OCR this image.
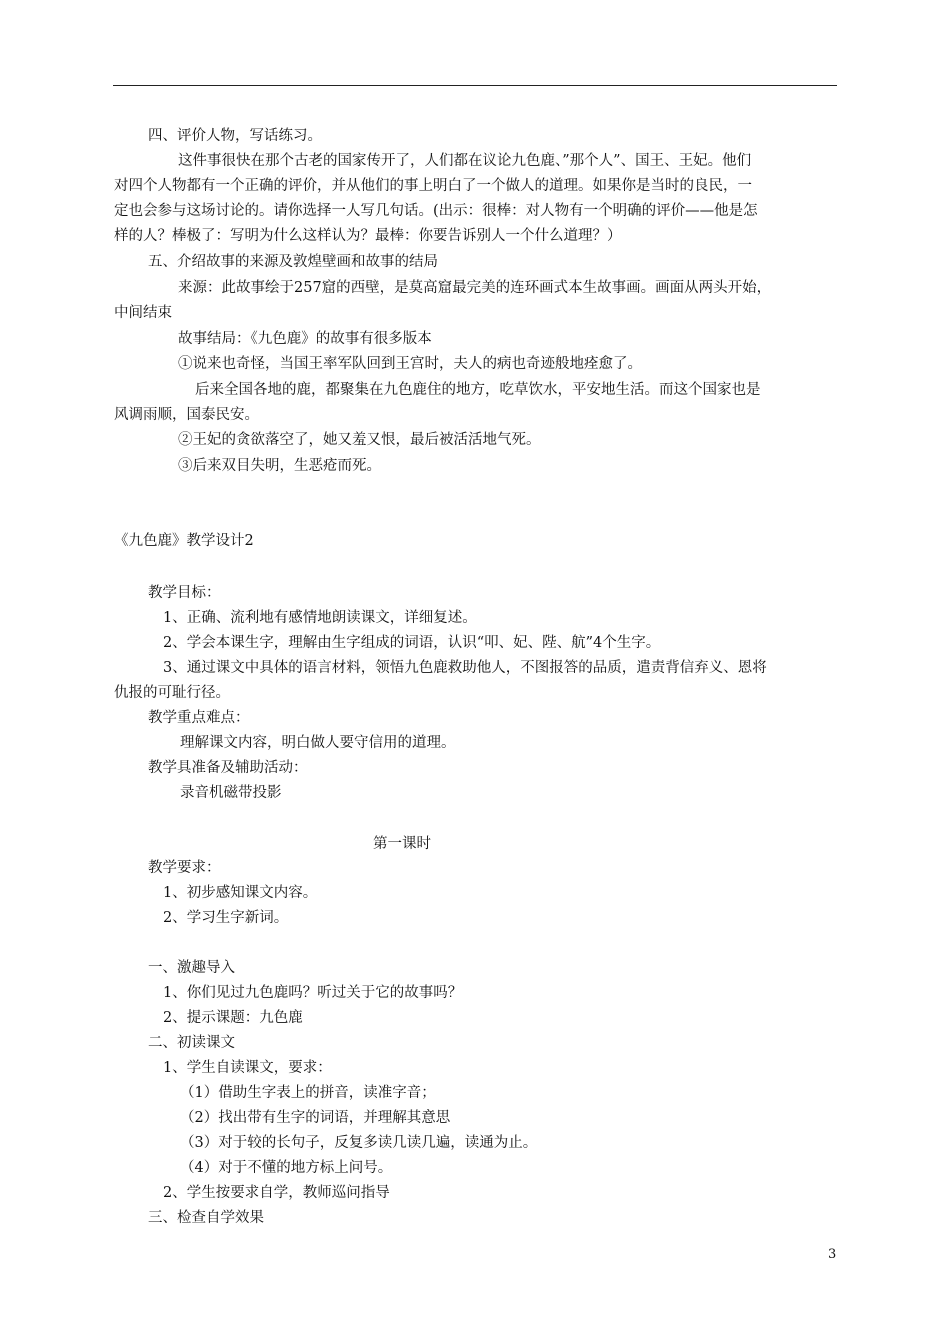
四、评价人物，写话练习。
这件事很快在那个古老的国家传开了，人们都在议论九色鹿、”那个人”、国王、王妃。他们
对四个人物都有一个正确的评价，并从他们的事上明白了一个做人的道理。如果你是当时的良民，一
定也会参与这场讨论的。请你选择一人写几句话。(出示：很棒：对人物有一个明确的评价——他是怎
样的人？棒极了：写明为什么这样认为？最棒：你要告诉别人一个什么道理？）
五、介绍故事的来源及敦煌壁画和故事的结局
来源：此故事绘于257窟的西壁，是莫高窟最完美的连环画式本生故事画。画面从两头开始，
中间结束
故事结局：《九色鹿》的故事有很多版本
①说来也奇怪，当国王率军队回到王宫时，夫人的病也奇迹般地痊愈了。
后来全国各地的鹿，都聚集在九色鹿住的地方，吃草饮水，平安地生活。而这个国家也是
风调雨顺，国泰民安。
②王妃的贪欲落空了，她又羞又恨，最后被活活地气死。
③后来双目失明，生恶疮而死。
《九色鹿》教学设计2
教学目标：
1、正确、流利地有感情地朗读课文，详细复述。
2、学会本课生字，理解由生字组成的词语，认识“叩、妃、陛、航”4个生字。
3、通过课文中具体的语言材料，领悟九色鹿救助他人，不图报答的品质，遣责背信弃义、恩将
仇报的可耻行径。
教学重点难点：
理解课文内容，明白做人要守信用的道理。
教学具准备及辅助活动：
录音机磁带投影
第一课时
教学要求：
1、初步感知课文内容。
2、学习生字新词。
一、激趣导入
1、你们见过九色鹿吗？听过关于它的故事吗？
2、提示课题：九色鹿
二、初读课文
1、学生自读课文，要求：
（1）借助生字表上的拼音，读准字音；
（2）找出带有生字的词语，并理解其意思
（3）对于较的长句子，反复多读几读几遍，读通为止。
（4）对于不懂的地方标上问号。
2、学生按要求自学，教师巡问指导
三、检查自学效果
3
